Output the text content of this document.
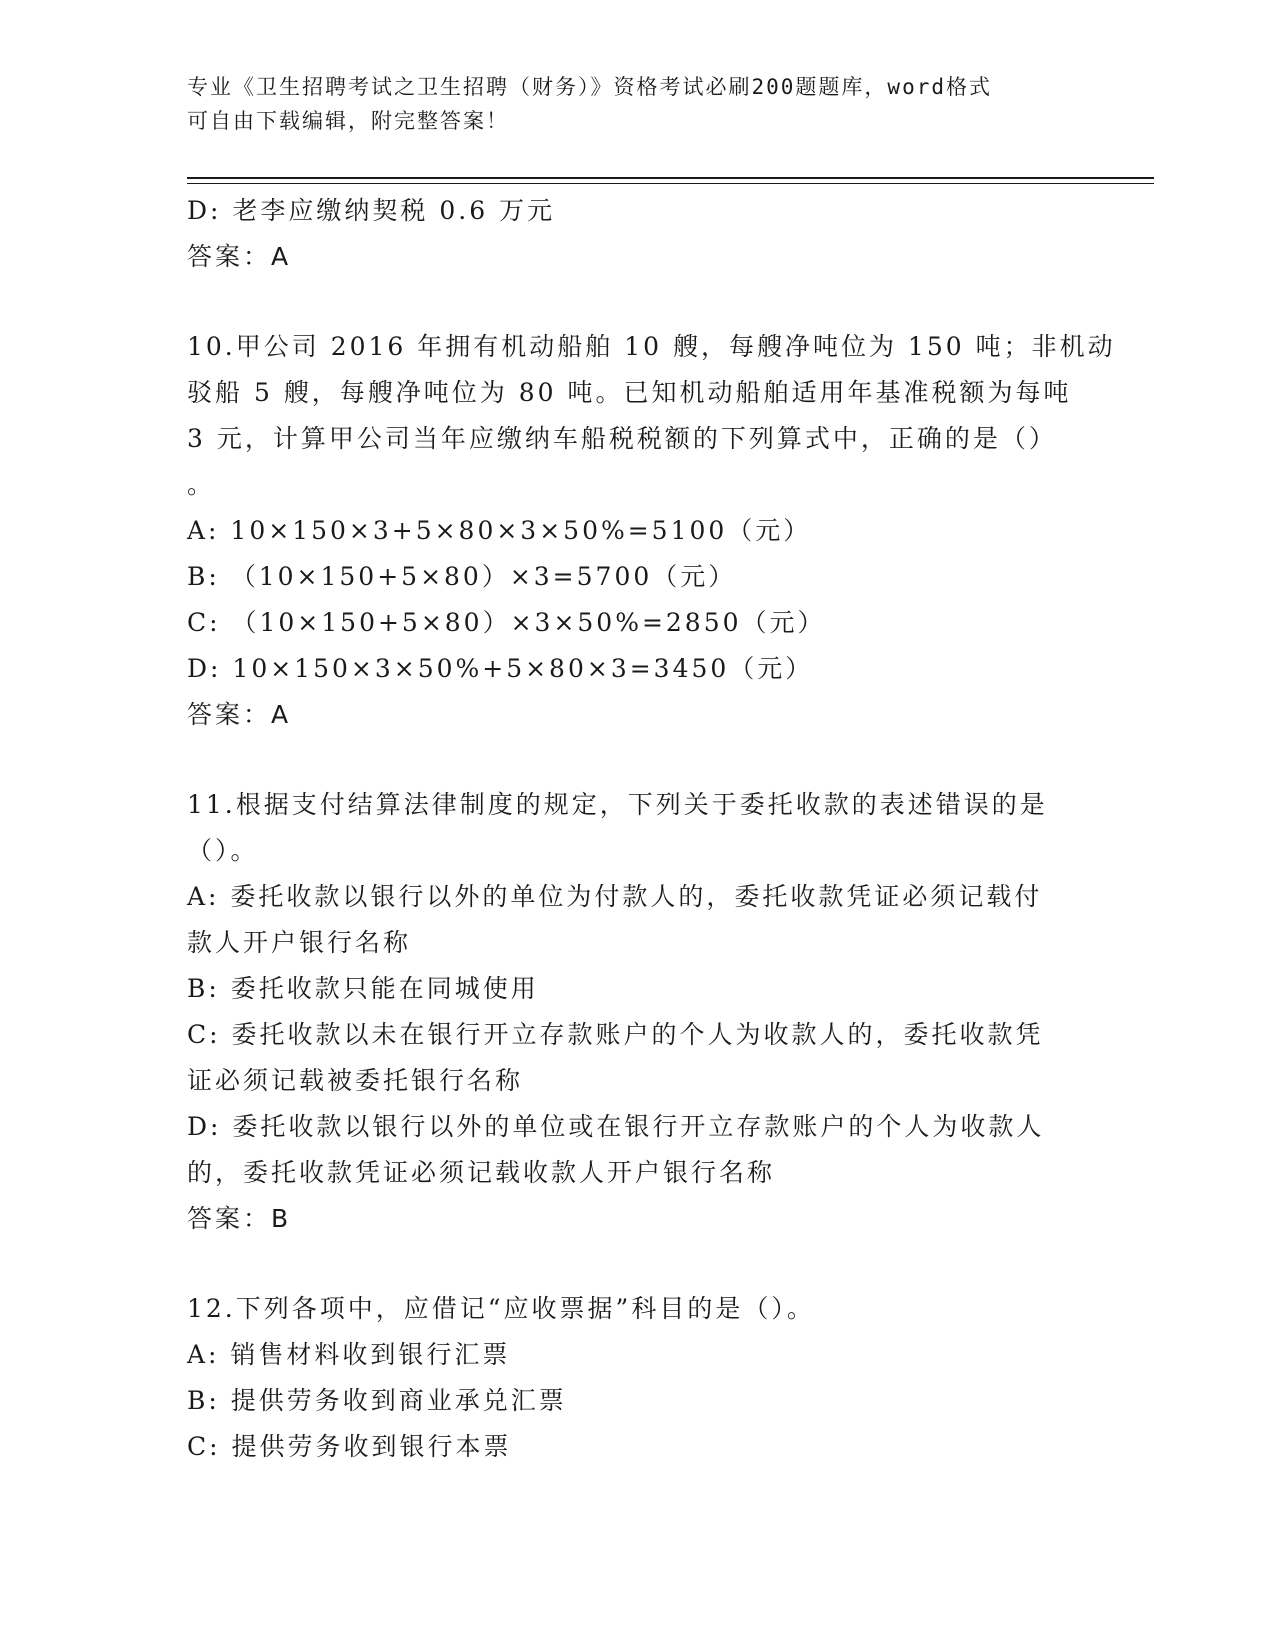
专业《卫生招聘考试之卫生招聘（财务）》资格考试必刷200题题库，word格式
可自由下载编辑，附完整答案！
D: 老李应缴纳契税 0.6 万元
答案：A
10.甲公司 2016 年拥有机动船舶 10 艘，每艘净吨位为 150 吨；非机动
驳船 5 艘，每艘净吨位为 80 吨。已知机动船舶适用年基准税额为每吨
3 元，计算甲公司当年应缴纳车船税税额的下列算式中，正确的是（）
。
A: 10×150×3+5×80×3×50%=5100（元）
B: （10×150+5×80）×3=5700（元）
C: （10×150+5×80）×3×50%=2850（元）
D: 10×150×3×50%+5×80×3=3450（元）
答案：A
11.根据支付结算法律制度的规定，下列关于委托收款的表述错误的是
（）。
A: 委托收款以银行以外的单位为付款人的，委托收款凭证必须记载付
款人开户银行名称
B: 委托收款只能在同城使用
C: 委托收款以未在银行开立存款账户的个人为收款人的，委托收款凭
证必须记载被委托银行名称
D: 委托收款以银行以外的单位或在银行开立存款账户的个人为收款人
的，委托收款凭证必须记载收款人开户银行名称
答案：B
12.下列各项中，应借记“应收票据”科目的是（）。
A: 销售材料收到银行汇票
B: 提供劳务收到商业承兑汇票
C: 提供劳务收到银行本票
